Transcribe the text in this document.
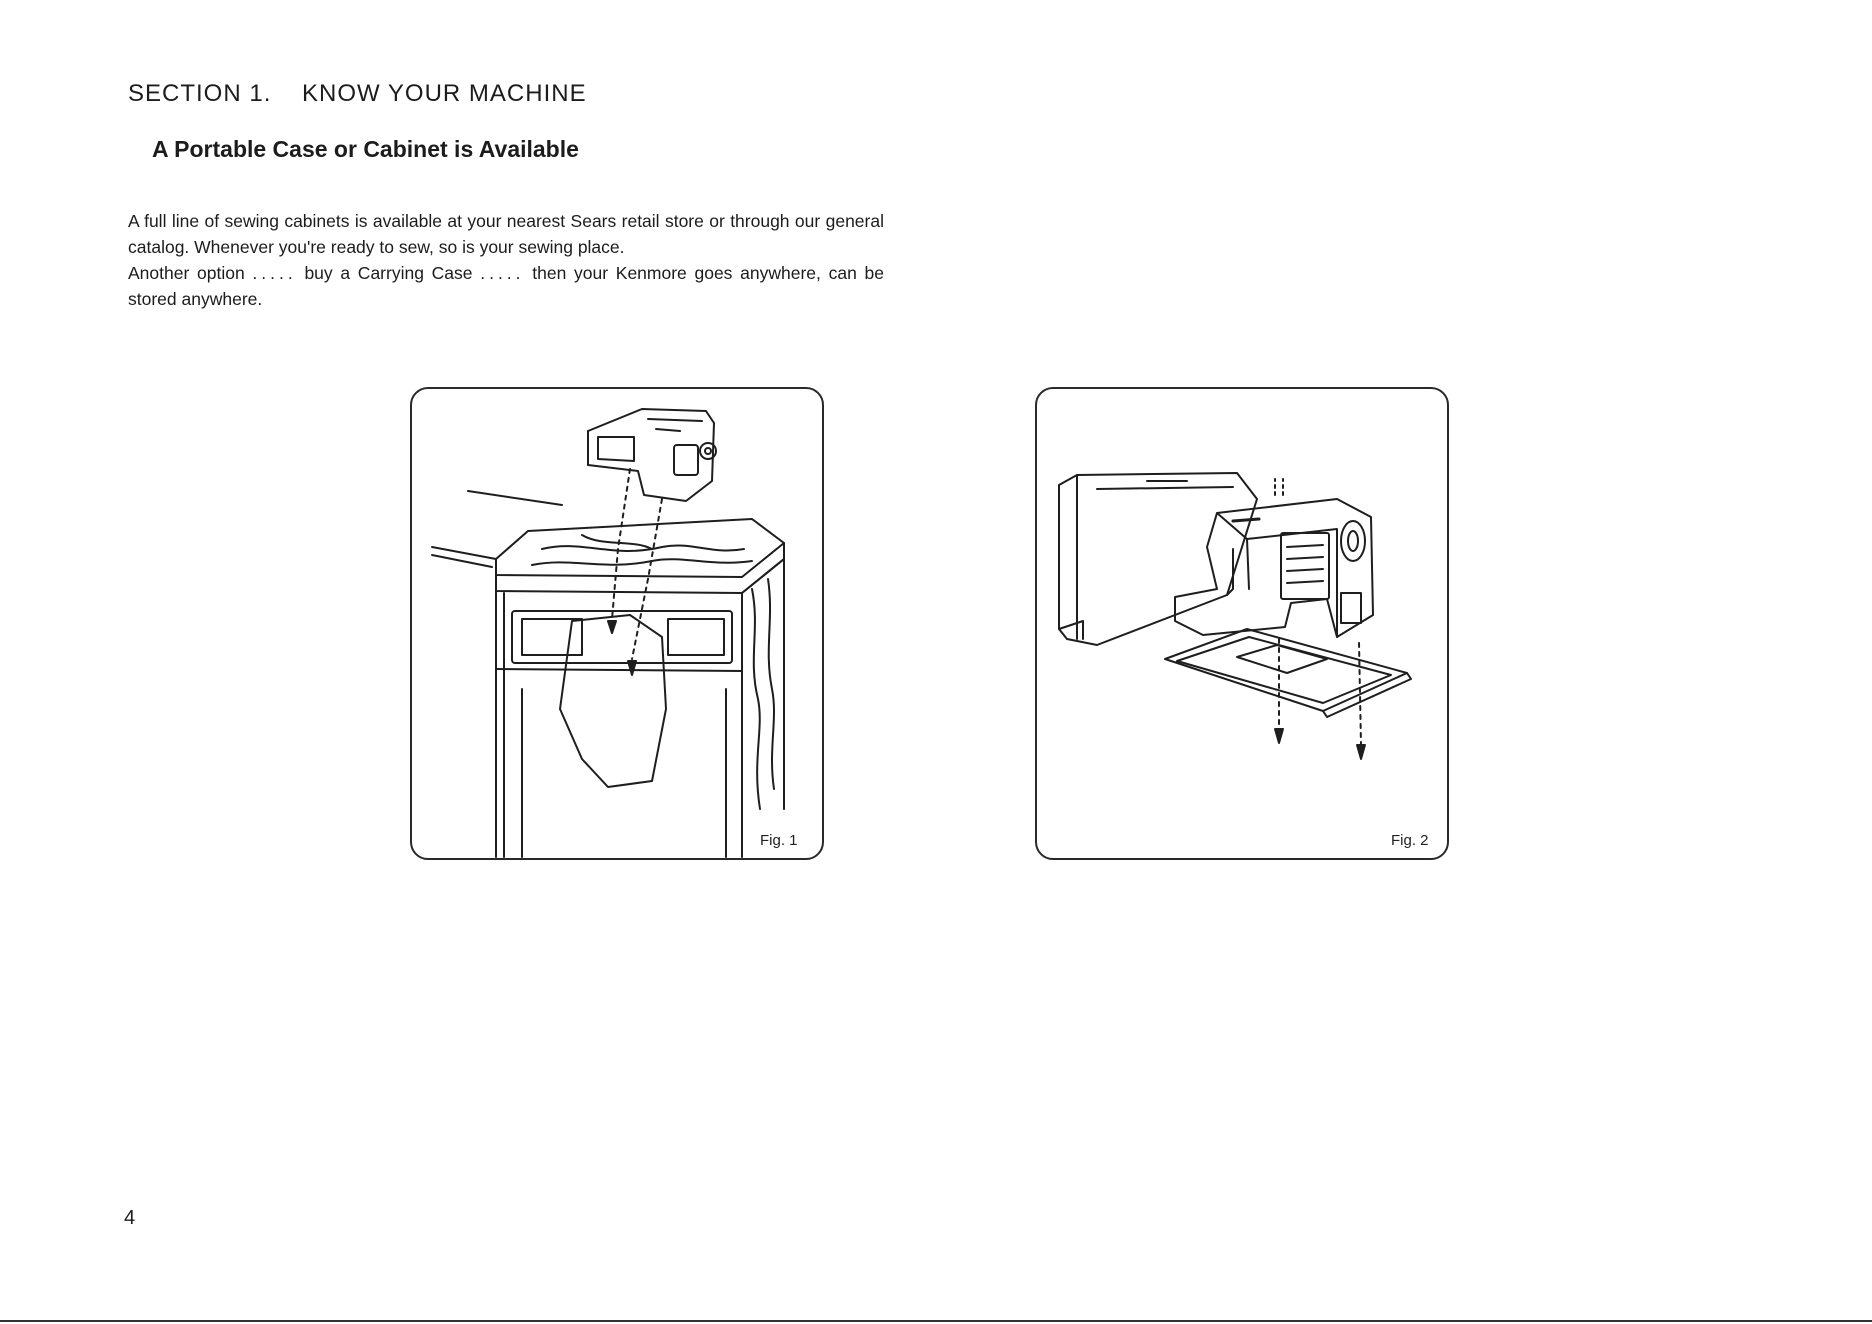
SECTION 1.    KNOW YOUR MACHINE
A Portable Case or Cabinet is Available

A full line of sewing cabinets is available at your nearest Sears retail store or through our general catalog. Whenever you're ready to sew, so is your sewing place.

Another option ..... buy a Carrying Case ..... then your Kenmore goes anywhere, can be stored anywhere.

Fig. 1	Fig. 2

4
